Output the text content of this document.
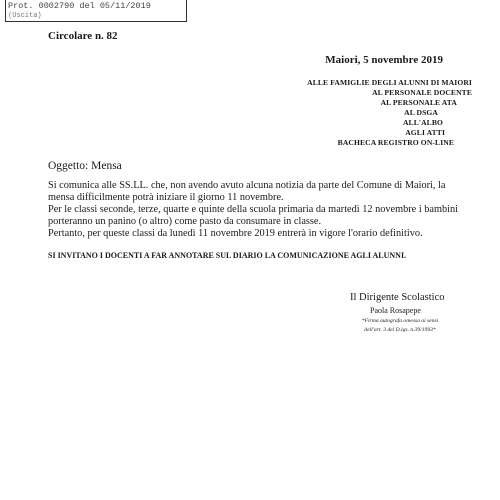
Prot. 0002790 del 05/11/2019
(Uscita)
Circolare n. 82
Maiori, 5 novembre 2019
ALLE FAMIGLIE DEGLI ALUNNI DI MAIORI
AL PERSONALE DOCENTE
AL PERSONALE ATA
AL DSGA
ALL'ALBO
AGLI ATTI
BACHECA REGISTRO ON-LINE
Oggetto: Mensa
Si comunica alle SS.LL. che, non avendo avuto alcuna notizia da parte del Comune di Maiori, la
mensa difficilmente potrà iniziare il giorno 11 novembre.
Per le classi seconde, terze, quarte e quinte della scuola primaria da martedì 12 novembre i bambini
porteranno un panino (o altro) come pasto da consumare in classe.
Pertanto, per queste classi da lunedì 11 novembre 2019 entrerà in vigore l'orario definitivo.
SI INVITANO I DOCENTI A FAR ANNOTARE SUL DIARIO LA COMUNICAZIONE AGLI ALUNNI.
Il Dirigente Scolastico
Paola Rosapepe
*Firma autografa omessa ai sensi
dell'art. 3 del D.lgs. n.39/1993*
